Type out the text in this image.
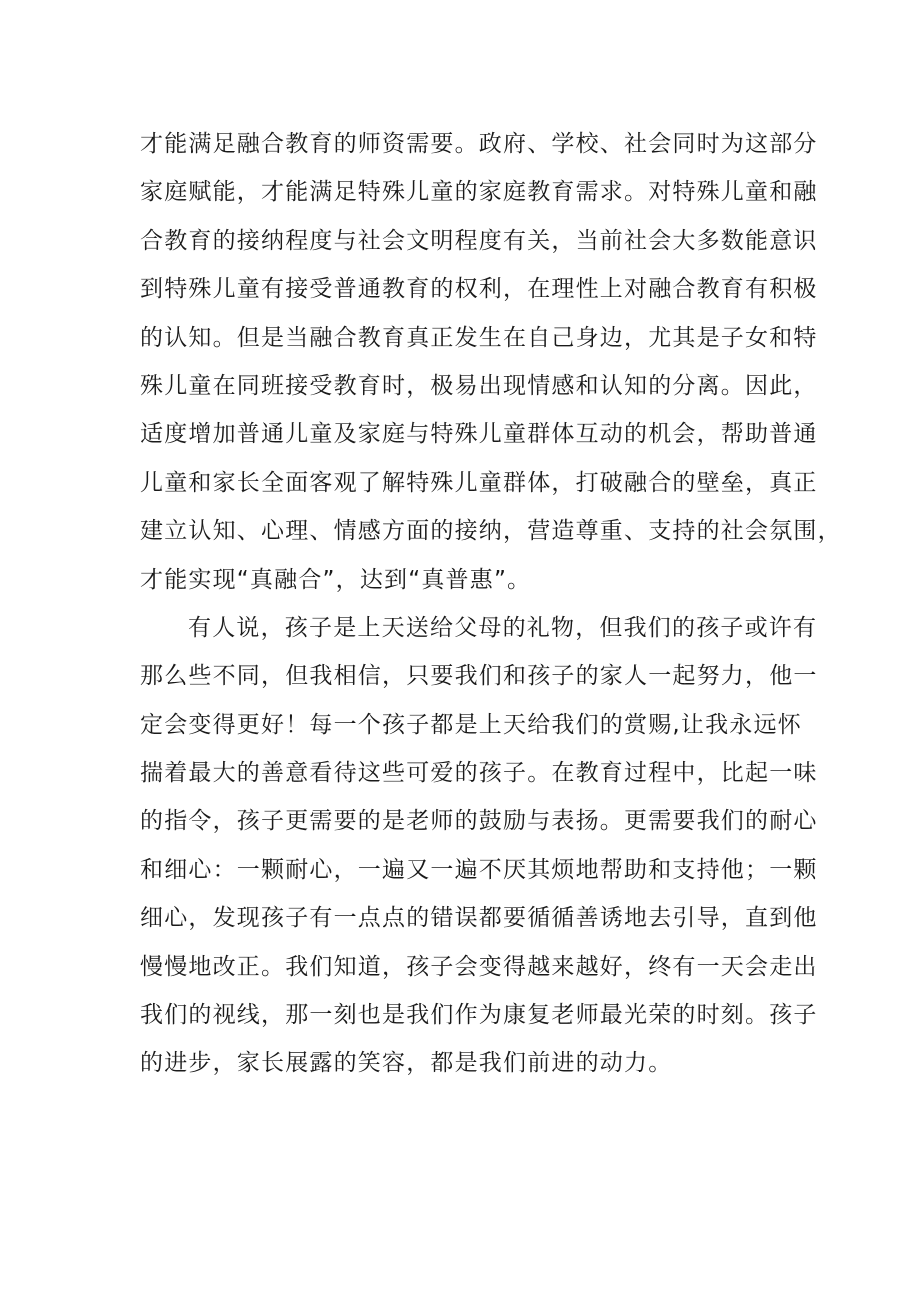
才能满足融合教育的师资需要。政府、学校、社会同时为这部分
家庭赋能，才能满足特殊儿童的家庭教育需求。对特殊儿童和融
合教育的接纳程度与社会文明程度有关，当前社会大多数能意识
到特殊儿童有接受普通教育的权利，在理性上对融合教育有积极
的认知。但是当融合教育真正发生在自己身边，尤其是子女和特
殊儿童在同班接受教育时，极易出现情感和认知的分离。因此，
适度增加普通儿童及家庭与特殊儿童群体互动的机会，帮助普通
儿童和家长全面客观了解特殊儿童群体，打破融合的壁垒，真正
建立认知、心理、情感方面的接纳，营造尊重、支持的社会氛围，
才能实现“真融合”，达到“真普惠”。
有人说，孩子是上天送给父母的礼物，但我们的孩子或许有
那么些不同，但我相信，只要我们和孩子的家人一起努力，他一
定会变得更好！每一个孩子都是上天给我们的赏赐,让我永远怀
揣着最大的善意看待这些可爱的孩子。在教育过程中，比起一味
的指令，孩子更需要的是老师的鼓励与表扬。更需要我们的耐心
和细心：一颗耐心，一遍又一遍不厌其烦地帮助和支持他；一颗
细心，发现孩子有一点点的错误都要循循善诱地去引导，直到他
慢慢地改正。我们知道，孩子会变得越来越好，终有一天会走出
我们的视线，那一刻也是我们作为康复老师最光荣的时刻。孩子
的进步，家长展露的笑容，都是我们前进的动力。
